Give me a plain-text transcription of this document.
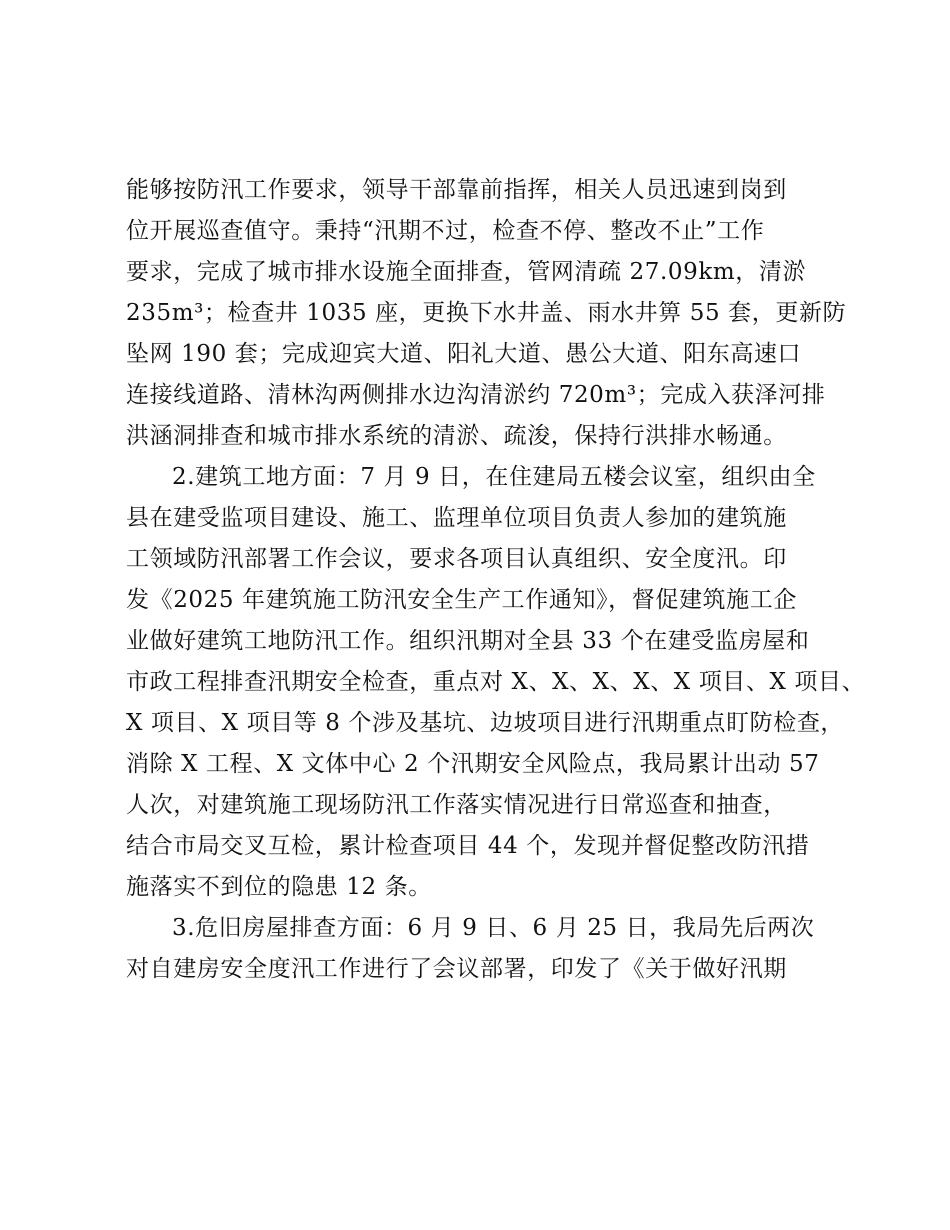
能够按防汛工作要求，领导干部靠前指挥，相关人员迅速到岗到
位开展巡查值守。秉持“汛期不过，检查不停、整改不止”工作
要求，完成了城市排水设施全面排查，管网清疏 27.09km，清淤
235m³；检查井 1035 座，更换下水井盖、雨水井箅 55 套，更新防
坠网 190 套；完成迎宾大道、阳礼大道、愚公大道、阳东高速口
连接线道路、清林沟两侧排水边沟清淤约 720m³；完成入获泽河排
洪涵洞排查和城市排水系统的清淤、疏浚，保持行洪排水畅通。
2.建筑工地方面：7 月 9 日，在住建局五楼会议室，组织由全
县在建受监项目建设、施工、监理单位项目负责人参加的建筑施
工领域防汛部署工作会议，要求各项目认真组织、安全度汛。印
发《2025 年建筑施工防汛安全生产工作通知》，督促建筑施工企
业做好建筑工地防汛工作。组织汛期对全县 33 个在建受监房屋和
市政工程排查汛期安全检查，重点对 X、X、X、X、X 项目、X 项目、
X 项目、X 项目等 8 个涉及基坑、边坡项目进行汛期重点盯防检查，
消除 X 工程、X 文体中心 2 个汛期安全风险点，我局累计出动 57
人次，对建筑施工现场防汛工作落实情况进行日常巡查和抽查，
结合市局交叉互检，累计检查项目 44 个，发现并督促整改防汛措
施落实不到位的隐患 12 条。
3.危旧房屋排查方面：6 月 9 日、6 月 25 日，我局先后两次
对自建房安全度汛工作进行了会议部署，印发了《关于做好汛期
